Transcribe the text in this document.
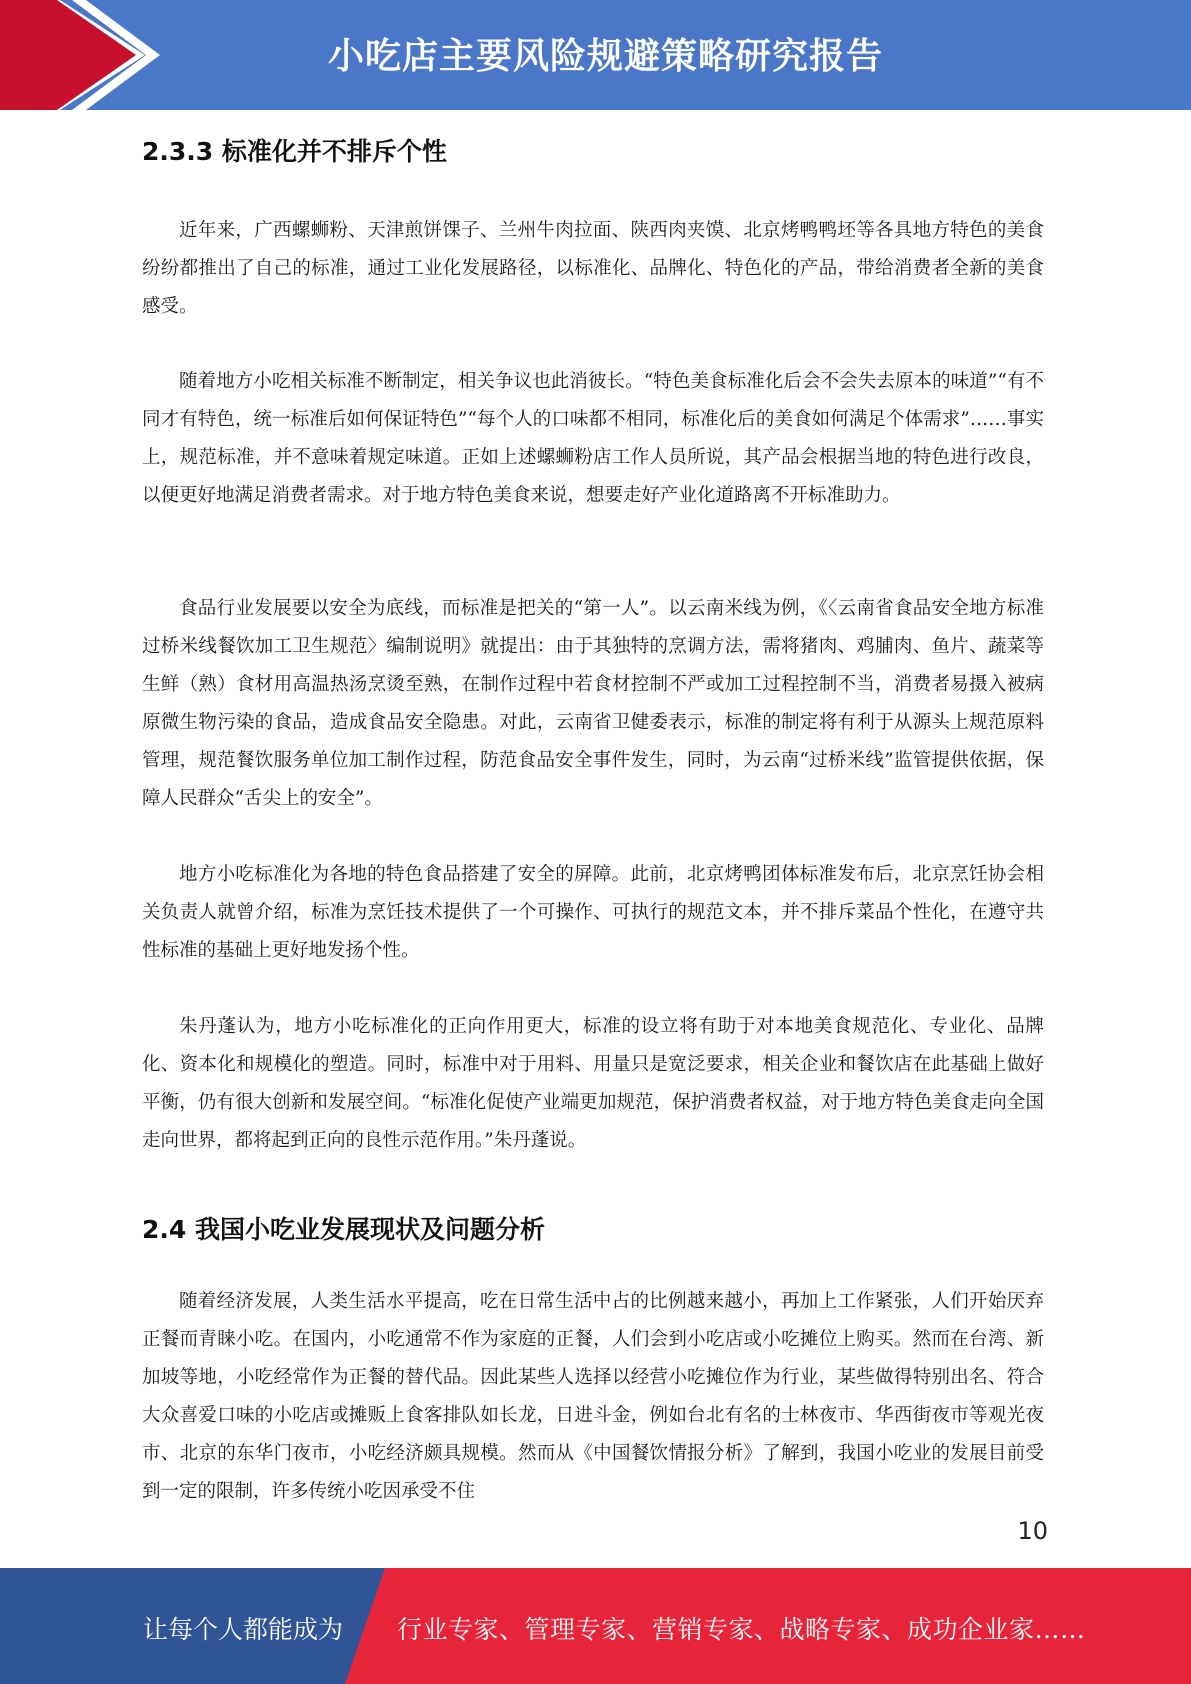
小吃店主要风险规避策略研究报告
2.3.3 标准化并不排斥个性

近年来，广西螺蛳粉、天津煎饼馃子、兰州牛肉拉面、陕西肉夹馍、北京烤鸭鸭坯等各具地方特色的美食纷纷都推出了自己的标准，通过工业化发展路径，以标准化、品牌化、特色化的产品，带给消费者全新的美食感受。

随着地方小吃相关标准不断制定，相关争议也此消彼长。“特色美食标准化后会不会失去原本的味道”“有不同才有特色，统一标准后如何保证特色”“每个人的口味都不相同，标准化后的美食如何满足个体需求”……事实上，规范标准，并不意味着规定味道。正如上述螺蛳粉店工作人员所说，其产品会根据当地的特色进行改良，以便更好地满足消费者需求。对于地方特色美食来说，想要走好产业化道路离不开标准助力。

食品行业发展要以安全为底线，而标准是把关的“第一人”。以云南米线为例，《〈云南省食品安全地方标准 过桥米线餐饮加工卫生规范〉编制说明》就提出：由于其独特的烹调方法，需将猪肉、鸡脯肉、鱼片、蔬菜等生鲜（熟）食材用高温热汤烹烫至熟，在制作过程中若食材控制不严或加工过程控制不当，消费者易摄入被病原微生物污染的食品，造成食品安全隐患。对此，云南省卫健委表示，标准的制定将有利于从源头上规范原料管理，规范餐饮服务单位加工制作过程，防范食品安全事件发生，同时，为云南“过桥米线”监管提供依据，保障人民群众“舌尖上的安全”。

地方小吃标准化为各地的特色食品搭建了安全的屏障。此前，北京烤鸭团体标准发布后，北京烹饪协会相关负责人就曾介绍，标准为烹饪技术提供了一个可操作、可执行的规范文本，并不排斥菜品个性化，在遵守共性标准的基础上更好地发扬个性。

朱丹蓬认为，地方小吃标准化的正向作用更大，标准的设立将有助于对本地美食规范化、专业化、品牌化、资本化和规模化的塑造。同时，标准中对于用料、用量只是宽泛要求，相关企业和餐饮店在此基础上做好平衡，仍有很大创新和发展空间。“标准化促使产业端更加规范，保护消费者权益，对于地方特色美食走向全国走向世界，都将起到正向的良性示范作用。”朱丹蓬说。

2.4 我国小吃业发展现状及问题分析

随着经济发展，人类生活水平提高，吃在日常生活中占的比例越来越小，再加上工作紧张，人们开始厌弃正餐而青睐小吃。在国内，小吃通常不作为家庭的正餐，人们会到小吃店或小吃摊位上购买。然而在台湾、新加坡等地，小吃经常作为正餐的替代品。因此某些人选择以经营小吃摊位作为行业，某些做得特别出名、符合大众喜爱口味的小吃店或摊贩上食客排队如长龙，日进斗金，例如台北有名的士林夜市、华西街夜市等观光夜市、北京的东华门夜市，小吃经济颇具规模。然而从《中国餐饮情报分析》了解到，我国小吃业的发展目前受到一定的限制，许多传统小吃因承受不住

10
让每个人都能成为 行业专家、管理专家、营销专家、战略专家、成功企业家……
